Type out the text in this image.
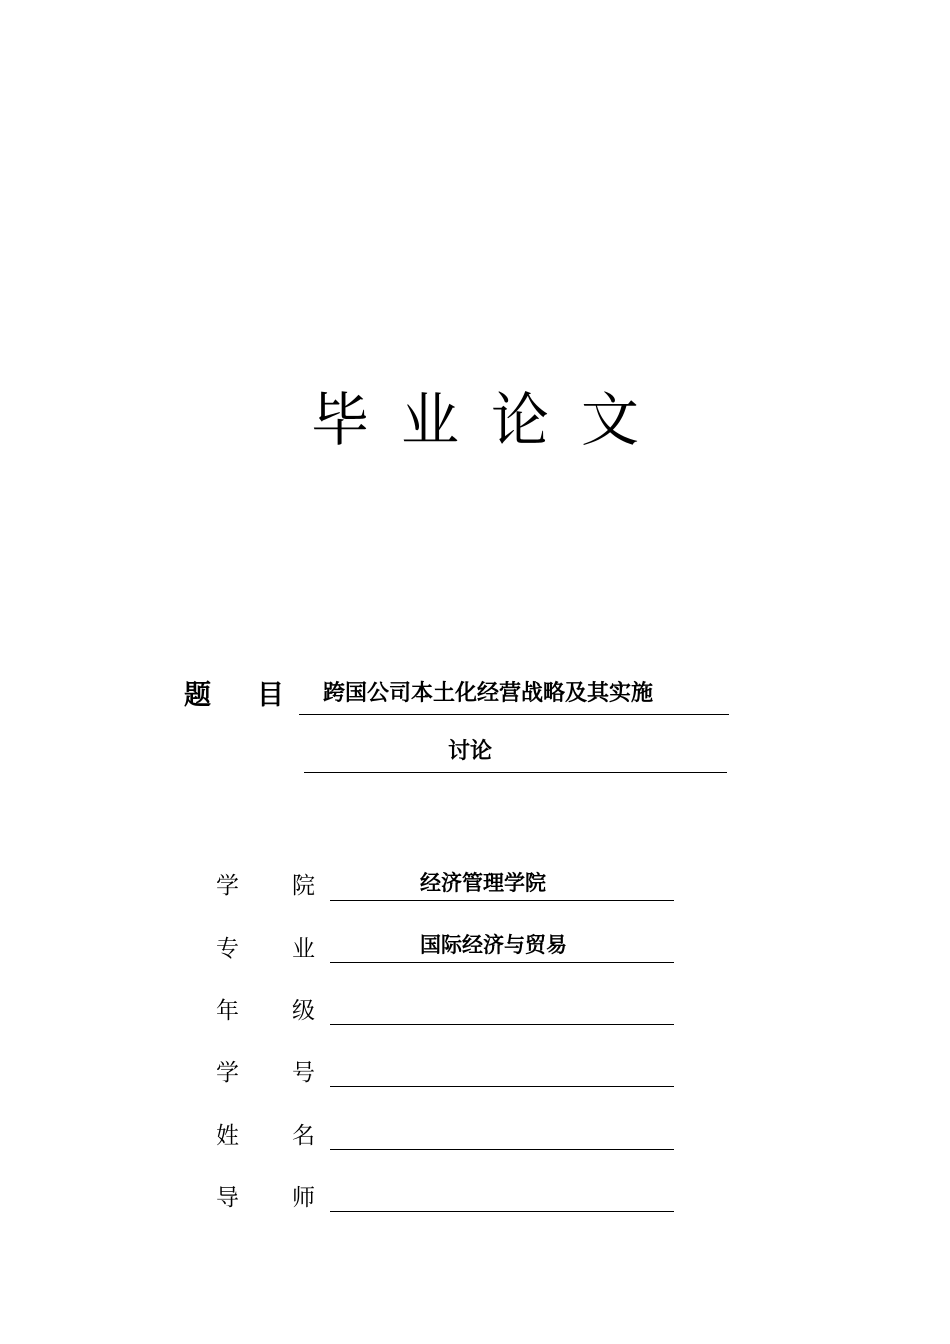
毕业论文
题 目 跨国公司本土化经营战略及其实施
讨论
学 院	经济管理学院
专 业	国际经济与贸易
年 级
学 号
姓 名
导 师
